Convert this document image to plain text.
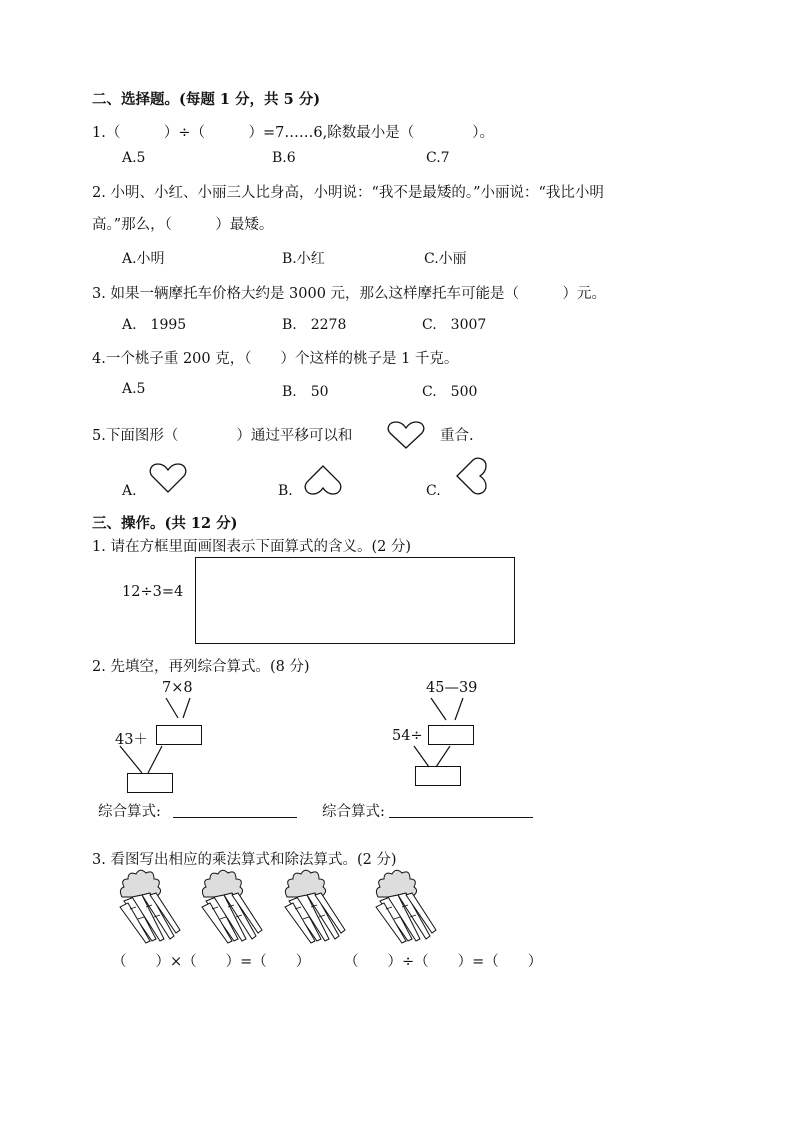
二、选择题。(每题 1 分，共 5 分)
1.（　　　）÷（　　　）=7……6,除数最小是（　　　　）。
A.5	B.6	C.7
2. 小明、小红、小丽三人比身高，小明说：“我不是最矮的。”小丽说：“我比小明
高。”那么，（　　　）最矮。
A.小明	B.小红	C.小丽
3. 如果一辆摩托车价格大约是 3000 元，那么这样摩托车可能是（　　　）元。
A.　1995	B.　2278	C.　3007
4.一个桃子重 200 克，（　　）个这样的桃子是 1 千克。
A.5	B.　50	C.　500
5.下面图形（　　　　）通过平移可以和	重合.
A.	B.	C.
三、操作。(共 12 分)
1. 请在方框里面画图表示下面算式的含义。(2 分)
12÷3=4
2. 先填空，再列综合算式。(8 分)
7×8
43＋
综合算式:
45—39
54÷
综合算式:
3. 看图写出相应的乘法算式和除法算式。(2 分)
（　　）×（　　）=（　　） （　　）÷（　　）=（　　）
